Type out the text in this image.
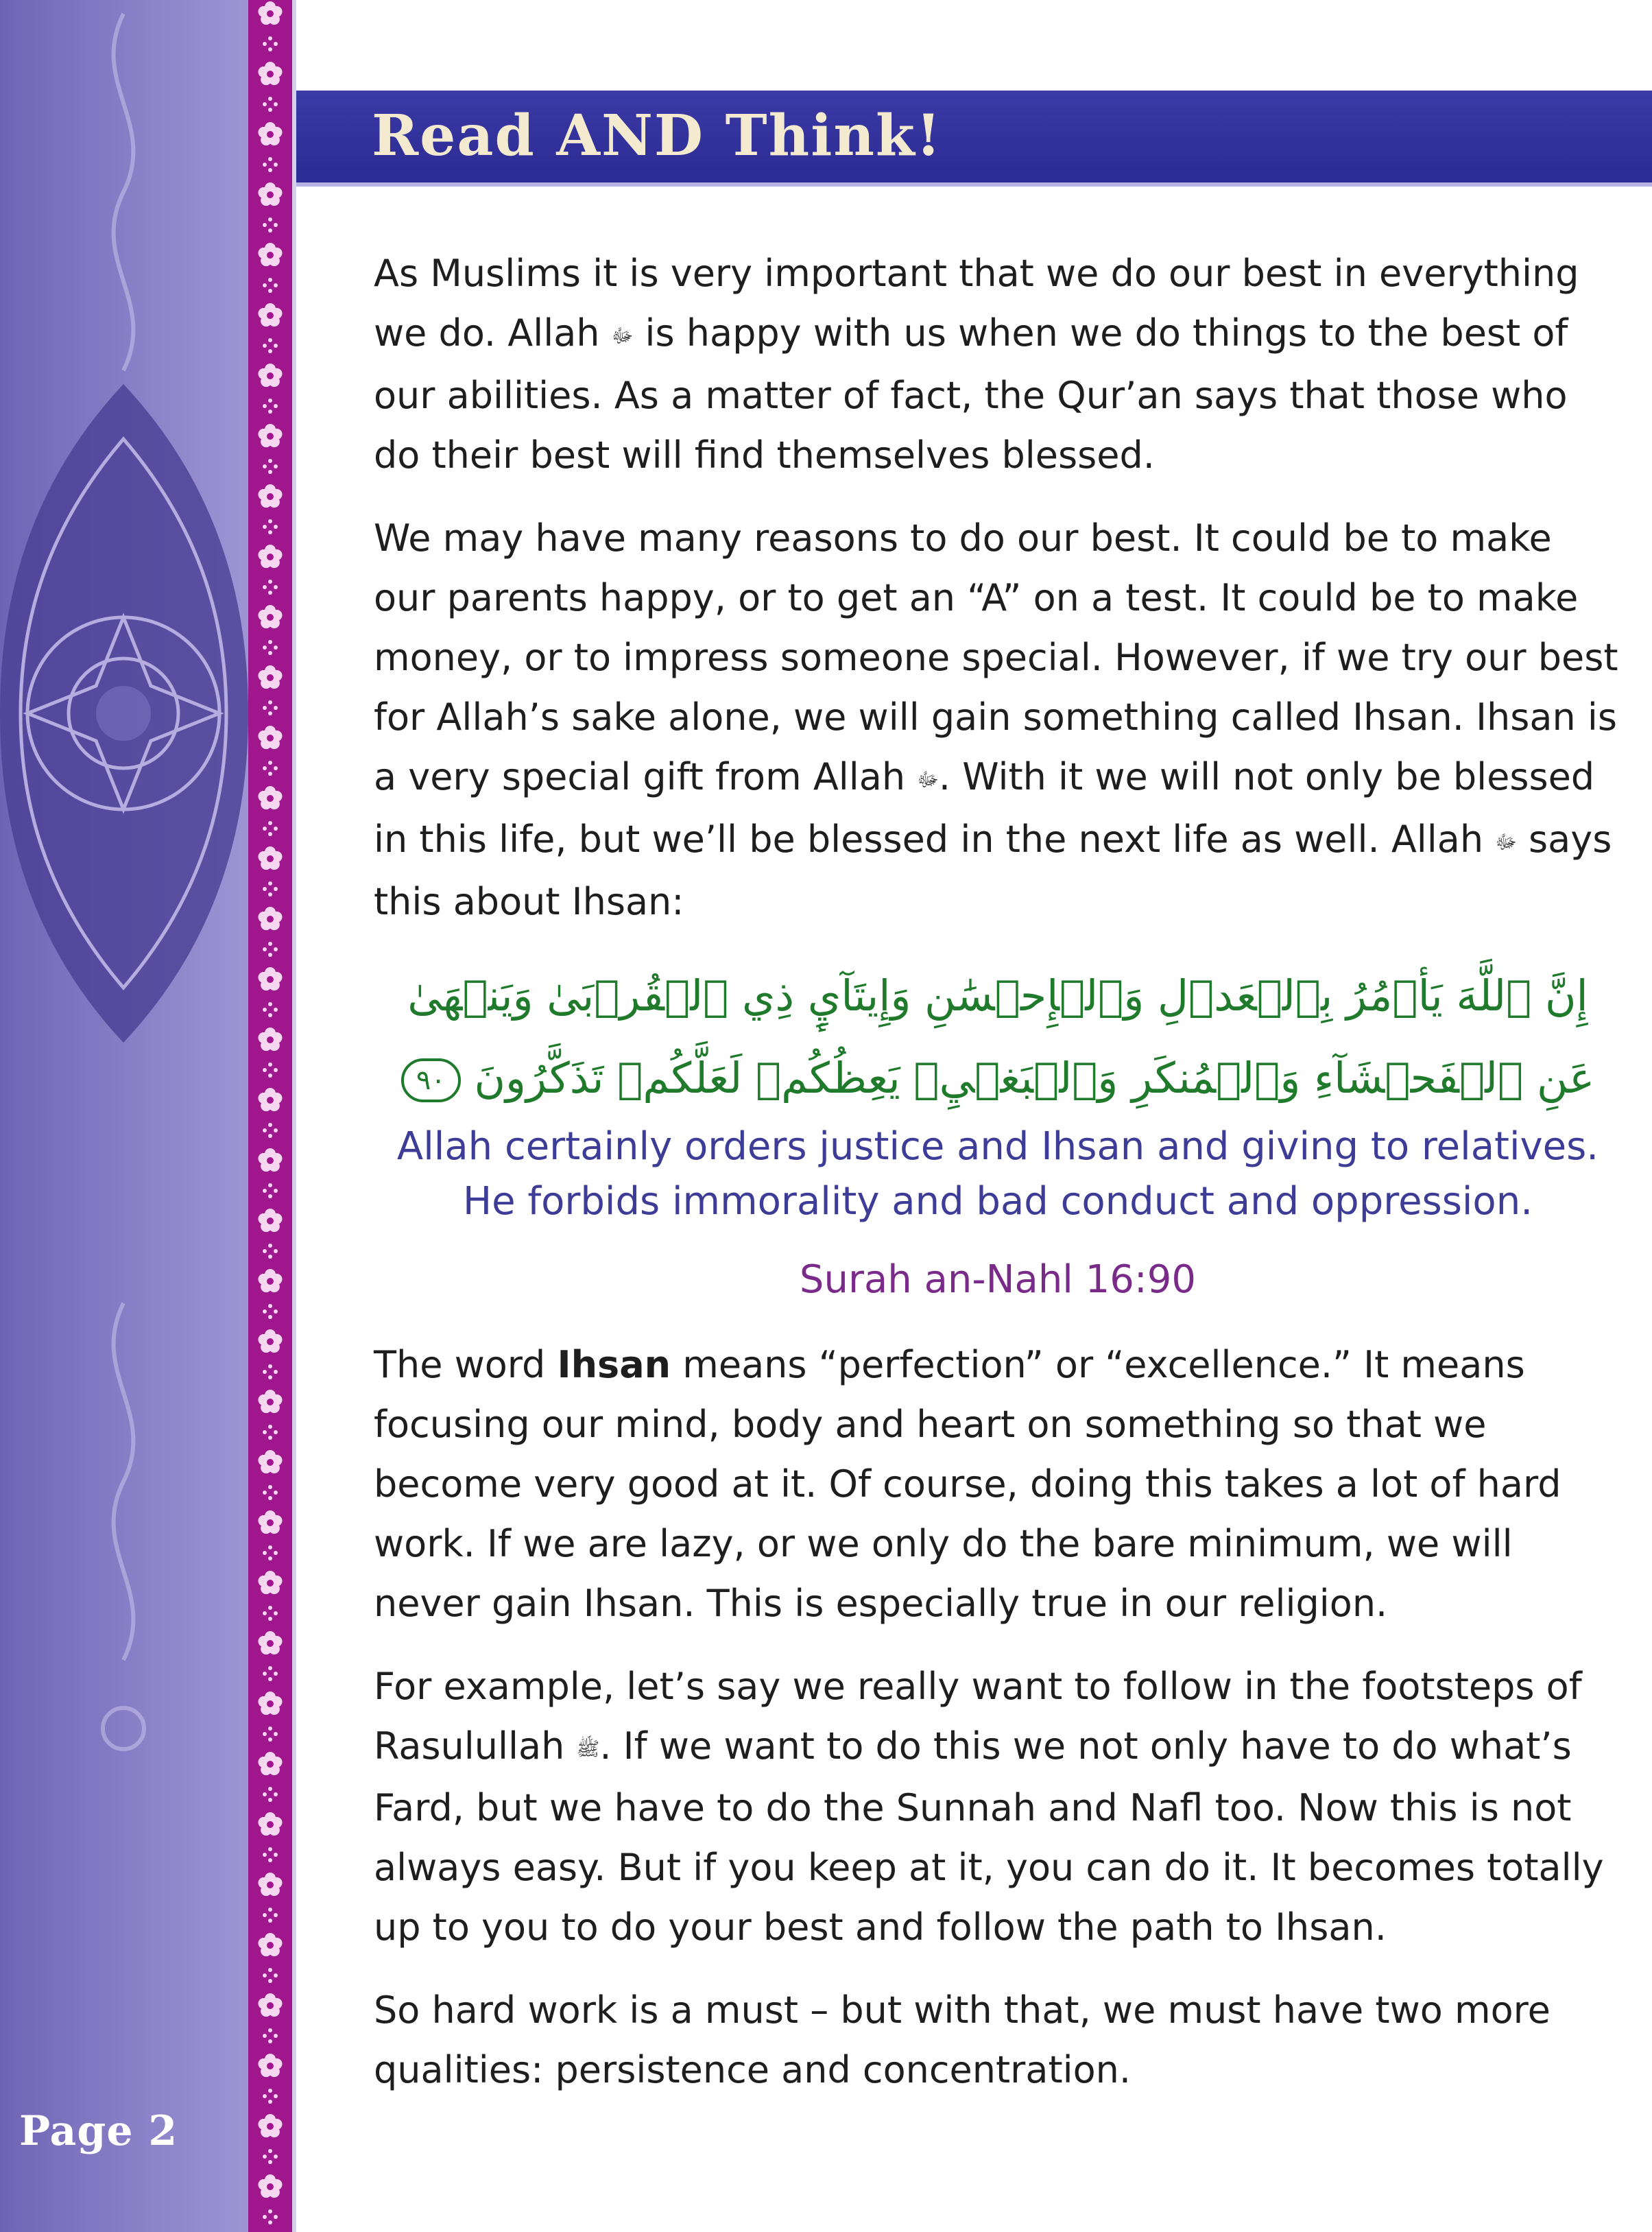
Page 2
Read AND Think!

As Muslims it is very important that we do our best in everything we do. Allah ﷻ is happy with us when we do things to the best of our abilities. As a matter of fact, the Qur’an says that those who do their best will find themselves blessed.

We may have many reasons to do our best. It could be to make our parents happy, or to get an “A” on a test. It could be to make money, or to impress someone special. However, if we try our best for Allah’s sake alone, we will gain something called Ihsan. Ihsan is a very special gift from Allah ﷻ. With it we will not only be blessed in this life, but we’ll be blessed in the next life as well. Allah ﷻ says this about Ihsan:

إِنَّ ٱللَّهَ يَأۡمُرُ بِٱلۡعَدۡلِ وَٱلۡإِحۡسَٰنِ وَإِيتَآيِٕ ذِي ٱلۡقُرۡبَىٰ وَيَنۡهَىٰ
عَنِ ٱلۡفَحۡشَآءِ وَٱلۡمُنكَرِ وَٱلۡبَغۡيِۚ يَعِظُكُمۡ لَعَلَّكُمۡ تَذَكَّرُونَ ٩٠
Allah certainly orders justice and Ihsan and giving to relatives.
He forbids immorality and bad conduct and oppression.
Surah an-Nahl 16:90

The word Ihsan means “perfection” or “excellence.” It means focusing our mind, body and heart on something so that we become very good at it. Of course, doing this takes a lot of hard work. If we are lazy, or we only do the bare minimum, we will never gain Ihsan. This is especially true in our religion.

For example, let’s say we really want to follow in the footsteps of Rasulullah ﷺ. If we want to do this we not only have to do what’s Fard, but we have to do the Sunnah and Nafl too. Now this is not always easy. But if you keep at it, you can do it. It becomes totally up to you to do your best and follow the path to Ihsan.

So hard work is a must – but with that, we must have two more qualities: persistence and concentration.
